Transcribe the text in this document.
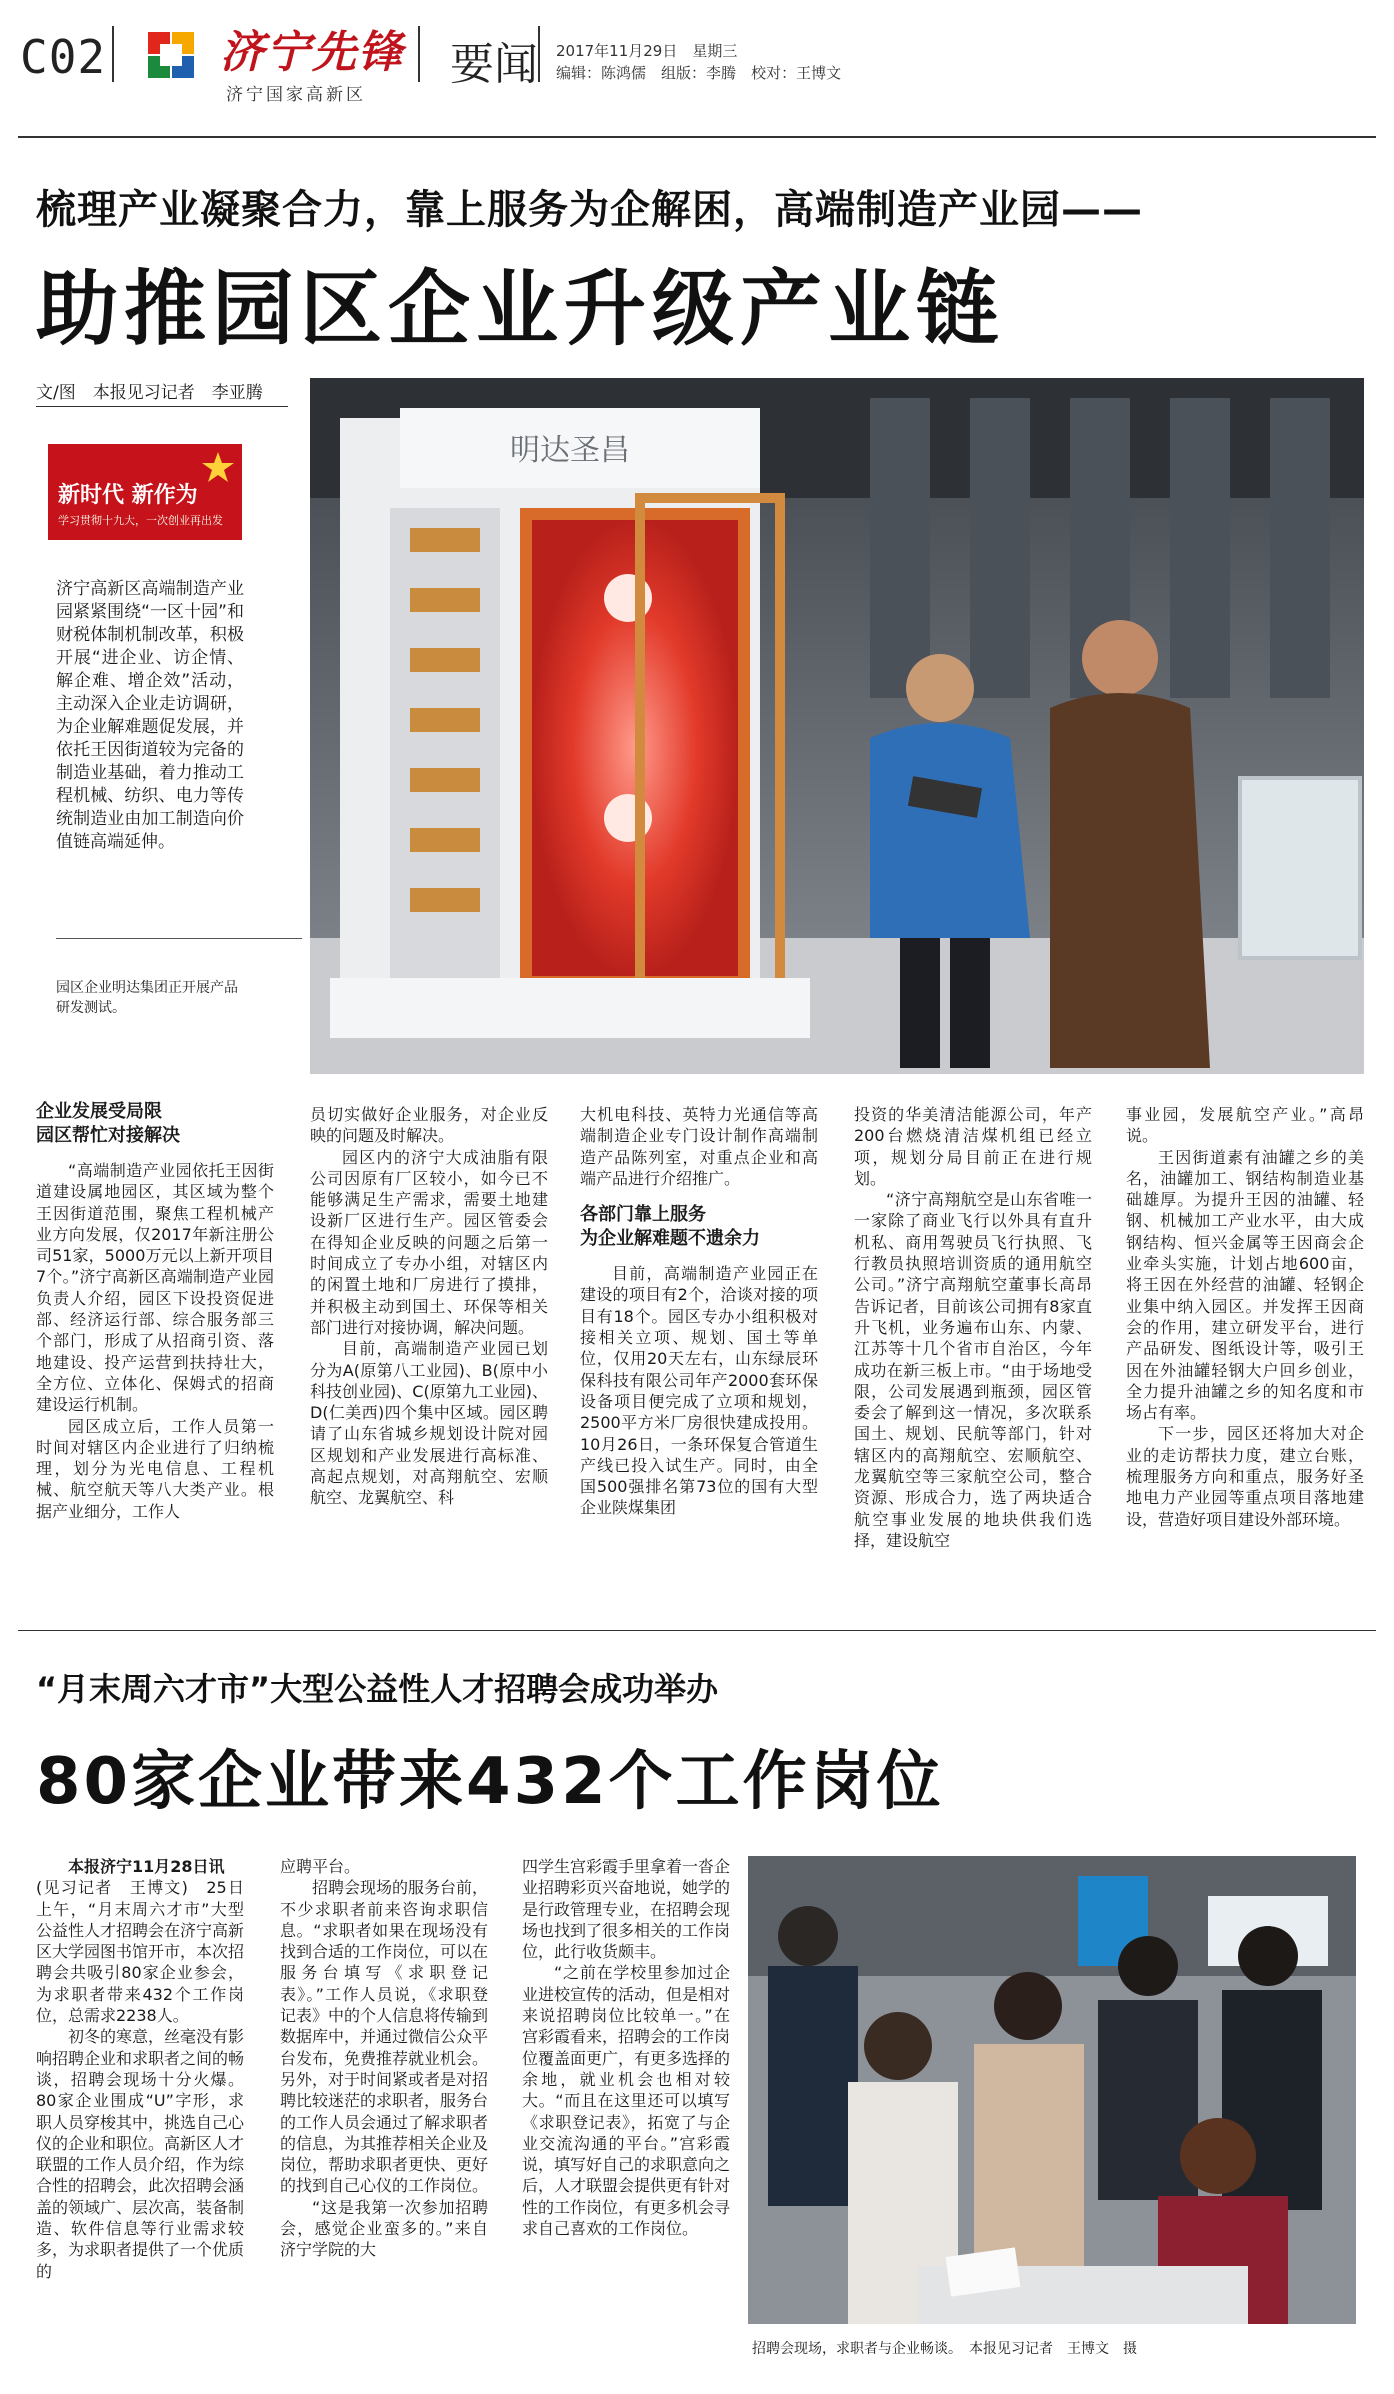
C02	济宁先锋
济宁国家高新区
要闻 2017年11月29日　 星期三
编辑：陈鸿儒　 组版：李腾　 校对：王博文
梳理产业凝聚合力，靠上服务为企解困，高端制造产业园——
助推园区企业升级产业链
文/图　本报见习记者　李亚腾
新时代 新作为
学习贯彻十九大，一次创业再出发
济宁高新区高端制造产业园紧紧围绕“一区十园”和财税体制机制改革，积极开展“进企业、访企情、解企难、增企效”活动，主动深入企业走访调研，为企业解难题促发展，并依托王因街道较为完备的制造业基础，着力推动工程机械、纺织、电力等传统制造业由加工制造向价值链高端延伸。
园区企业明达集团正开展产品研发测试。
明达圣昌
企业发展受局限
园区帮忙对接解决

“高端制造产业园依托王因街道建设属地园区，其区域为整个王因街道范围，聚焦工程机械产业方向发展，仅2017年新注册公司51家，5000万元以上新开项目7个。”济宁高新区高端制造产业园负责人介绍，园区下设投资促进部、经济运行部、综合服务部三个部门，形成了从招商引资、落地建设、投产运营到扶持壮大，全方位、立体化、保姆式的招商建设运行机制。

园区成立后，工作人员第一时间对辖区内企业进行了归纳梳理，划分为光电信息、工程机械、航空航天等八大类产业。根据产业细分，工作人

员切实做好企业服务，对企业反映的问题及时解决。

园区内的济宁大成油脂有限公司因原有厂区较小，如今已不能够满足生产需求，需要土地建设新厂区进行生产。园区管委会在得知企业反映的问题之后第一时间成立了专办小组，对辖区内的闲置土地和厂房进行了摸排，并积极主动到国土、环保等相关部门进行对接协调，解决问题。

目前，高端制造产业园已划分为A(原第八工业园)、B(原中小科技创业园)、C(原第九工业园)、D(仁美西)四个集中区域。园区聘请了山东省城乡规划设计院对园区规划和产业发展进行高标准、高起点规划，对高翔航空、宏顺航空、龙翼航空、科

大机电科技、英特力光通信等高端制造企业专门设计制作高端制造产品陈列室，对重点企业和高端产品进行介绍推广。

各部门靠上服务
为企业解难题不遗余力

目前，高端制造产业园正在建设的项目有2个，洽谈对接的项目有18个。园区专办小组积极对接相关立项、规划、国土等单位，仅用20天左右，山东绿辰环保科技有限公司年产2000套环保设备项目便完成了立项和规划，2500平方米厂房很快建成投用。10月26日，一条环保复合管道生产线已投入试生产。同时，由全国500强排名第73位的国有大型企业陕煤集团

投资的华美清洁能源公司，年产200台燃烧清洁煤机组已经立项，规划分局目前正在进行规划。

“济宁高翔航空是山东省唯一一家除了商业飞行以外具有直升机私、商用驾驶员飞行执照、飞行教员执照培训资质的通用航空公司。”济宁高翔航空董事长高昂告诉记者，目前该公司拥有8家直升飞机，业务遍布山东、内蒙、江苏等十几个省市自治区，今年成功在新三板上市。“由于场地受限，公司发展遇到瓶颈，园区管委会了解到这一情况，多次联系国土、规划、民航等部门，针对辖区内的高翔航空、宏顺航空、龙翼航空等三家航空公司，整合资源、形成合力，选了两块适合航空事业发展的地块供我们选择，建设航空

事业园，发展航空产业。”高昂说。

王因街道素有油罐之乡的美名，油罐加工、钢结构制造业基础雄厚。为提升王因的油罐、轻钢、机械加工产业水平，由大成钢结构、恒兴金属等王因商会企业牵头实施，计划占地600亩，将王因在外经营的油罐、轻钢企业集中纳入园区。并发挥王因商会的作用，建立研发平台，进行产品研发、图纸设计等，吸引王因在外油罐轻钢大户回乡创业，全力提升油罐之乡的知名度和市场占有率。

下一步，园区还将加大对企业的走访帮扶力度，建立台账，梳理服务方向和重点，服务好圣地电力产业园等重点项目落地建设，营造好项目建设外部环境。

“月末周六才市”大型公益性人才招聘会成功举办
80家企业带来432个工作岗位

本报济宁11月28日讯

(见习记者　王博文)　25日上午，“月末周六才市”大型公益性人才招聘会在济宁高新区大学园图书馆开市，本次招聘会共吸引80家企业参会，为求职者带来432个工作岗位，总需求2238人。

初冬的寒意，丝毫没有影响招聘企业和求职者之间的畅谈，招聘会现场十分火爆。80家企业围成“U”字形，求职人员穿梭其中，挑选自己心仪的企业和职位。高新区人才联盟的工作人员介绍，作为综合性的招聘会，此次招聘会涵盖的领域广、层次高，装备制造、软件信息等行业需求较多，为求职者提供了一个优质的

应聘平台。

招聘会现场的服务台前，不少求职者前来咨询求职信息。“求职者如果在现场没有找到合适的工作岗位，可以在服务台填写《求职登记表》。”工作人员说，《求职登记表》中的个人信息将传输到数据库中，并通过微信公众平台发布，免费推荐就业机会。另外，对于时间紧或者是对招聘比较迷茫的求职者，服务台的工作人员会通过了解求职者的信息，为其推荐相关企业及岗位，帮助求职者更快、更好的找到自己心仪的工作岗位。

“这是我第一次参加招聘会，感觉企业蛮多的。”来自济宁学院的大

四学生宫彩霞手里拿着一沓企业招聘彩页兴奋地说，她学的是行政管理专业，在招聘会现场也找到了很多相关的工作岗位，此行收货颇丰。

“之前在学校里参加过企业进校宣传的活动，但是相对来说招聘岗位比较单一。”在宫彩霞看来，招聘会的工作岗位覆盖面更广，有更多选择的余地，就业机会也相对较大。“而且在这里还可以填写《求职登记表》，拓宽了与企业交流沟通的平台。”宫彩霞说，填写好自己的求职意向之后，人才联盟会提供更有针对性的工作岗位，有更多机会寻求自己喜欢的工作岗位。

招聘会现场，求职者与企业畅谈。　本报见习记者　王博文　摄
